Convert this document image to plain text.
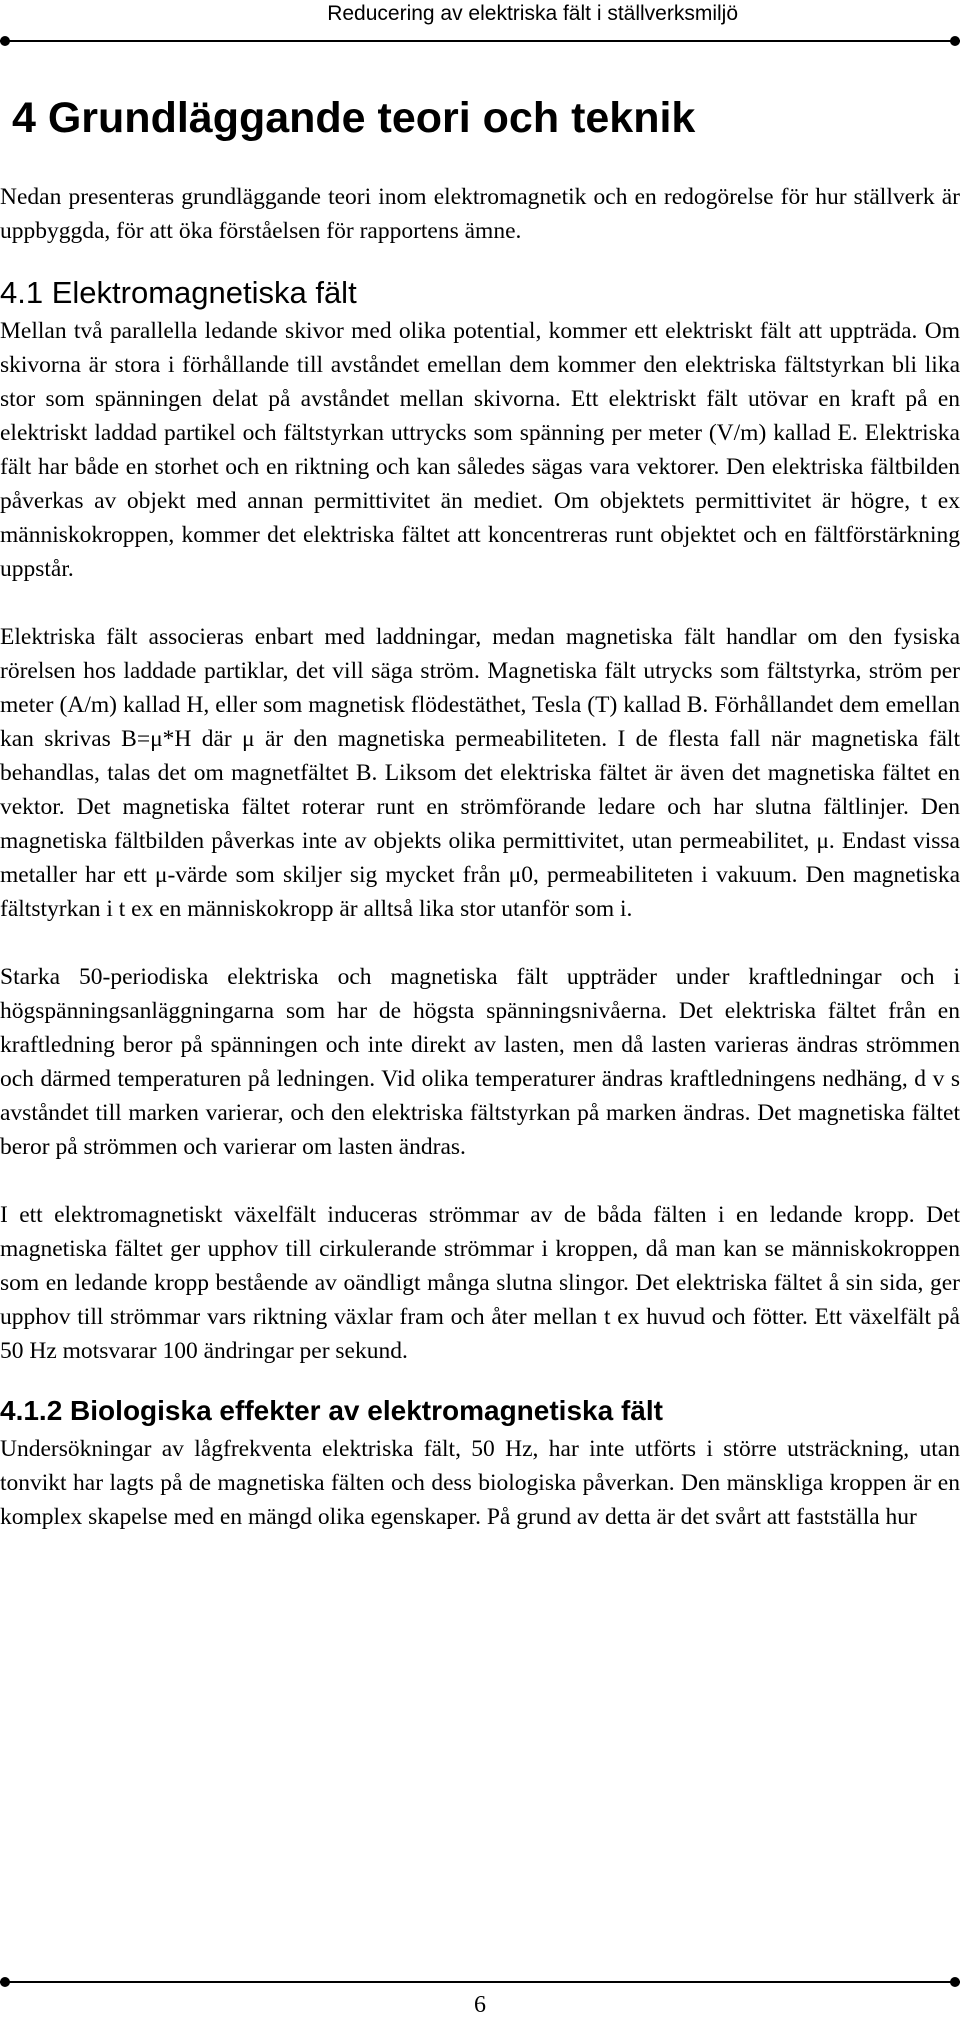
Reducering av elektriska fält i ställverksmiljö
4 Grundläggande teori och teknik

Nedan presenteras grundläggande teori inom elektromagnetik och en redogörelse för hur ställverk är uppbyggda, för att öka förståelsen för rapportens ämne.

4.1 Elektromagnetiska fält

Mellan två parallella ledande skivor med olika potential, kommer ett elektriskt fält att uppträda. Om skivorna är stora i förhållande till avståndet emellan dem kommer den elektriska fältstyrkan bli lika stor som spänningen delat på avståndet mellan skivorna. Ett elektriskt fält utövar en kraft på en elektriskt laddad partikel och fältstyrkan uttrycks som spänning per meter (V/m) kallad E. Elektriska fält har både en storhet och en riktning och kan således sägas vara vektorer. Den elektriska fältbilden påverkas av objekt med annan permittivitet än mediet. Om objektets permittivitet är högre, t ex människokroppen, kommer det elektriska fältet att koncentreras runt objektet och en fältförstärkning uppstår.

Elektriska fält associeras enbart med laddningar, medan magnetiska fält handlar om den fysiska rörelsen hos laddade partiklar, det vill säga ström. Magnetiska fält utrycks som fältstyrka, ström per meter (A/m) kallad H, eller som magnetisk flödestäthet, Tesla (T) kallad B. Förhållandet dem emellan kan skrivas B=μ*H där μ är den magnetiska permeabiliteten. I de flesta fall när magnetiska fält behandlas, talas det om magnetfältet B. Liksom det elektriska fältet är även det magnetiska fältet en vektor. Det magnetiska fältet roterar runt en strömförande ledare och har slutna fältlinjer. Den magnetiska fältbilden påverkas inte av objekts olika permittivitet, utan permeabilitet, μ. Endast vissa metaller har ett μ-värde som skiljer sig mycket från μ0, permeabiliteten i vakuum. Den magnetiska fältstyrkan i t ex en människokropp är alltså lika stor utanför som i.

Starka 50-periodiska elektriska och magnetiska fält uppträder under kraftledningar och i högspänningsanläggningarna som har de högsta spänningsnivåerna. Det elektriska fältet från en kraftledning beror på spänningen och inte direkt av lasten, men då lasten varieras ändras strömmen och därmed temperaturen på ledningen. Vid olika temperaturer ändras kraftledningens nedhäng, d v s avståndet till marken varierar, och den elektriska fältstyrkan på marken ändras. Det magnetiska fältet beror på strömmen och varierar om lasten ändras.

I ett elektromagnetiskt växelfält induceras strömmar av de båda fälten i en ledande kropp. Det magnetiska fältet ger upphov till cirkulerande strömmar i kroppen, då man kan se människokroppen som en ledande kropp bestående av oändligt många slutna slingor. Det elektriska fältet å sin sida, ger upphov till strömmar vars riktning växlar fram och åter mellan t ex huvud och fötter. Ett växelfält på 50 Hz motsvarar 100 ändringar per sekund.

4.1.2 Biologiska effekter av elektromagnetiska fält

Undersökningar av lågfrekventa elektriska fält, 50 Hz, har inte utförts i större utsträckning, utan tonvikt har lagts på de magnetiska fälten och dess biologiska påverkan. Den mänskliga kroppen är en komplex skapelse med en mängd olika egenskaper. På grund av detta är det svårt att fastställa hur

6
